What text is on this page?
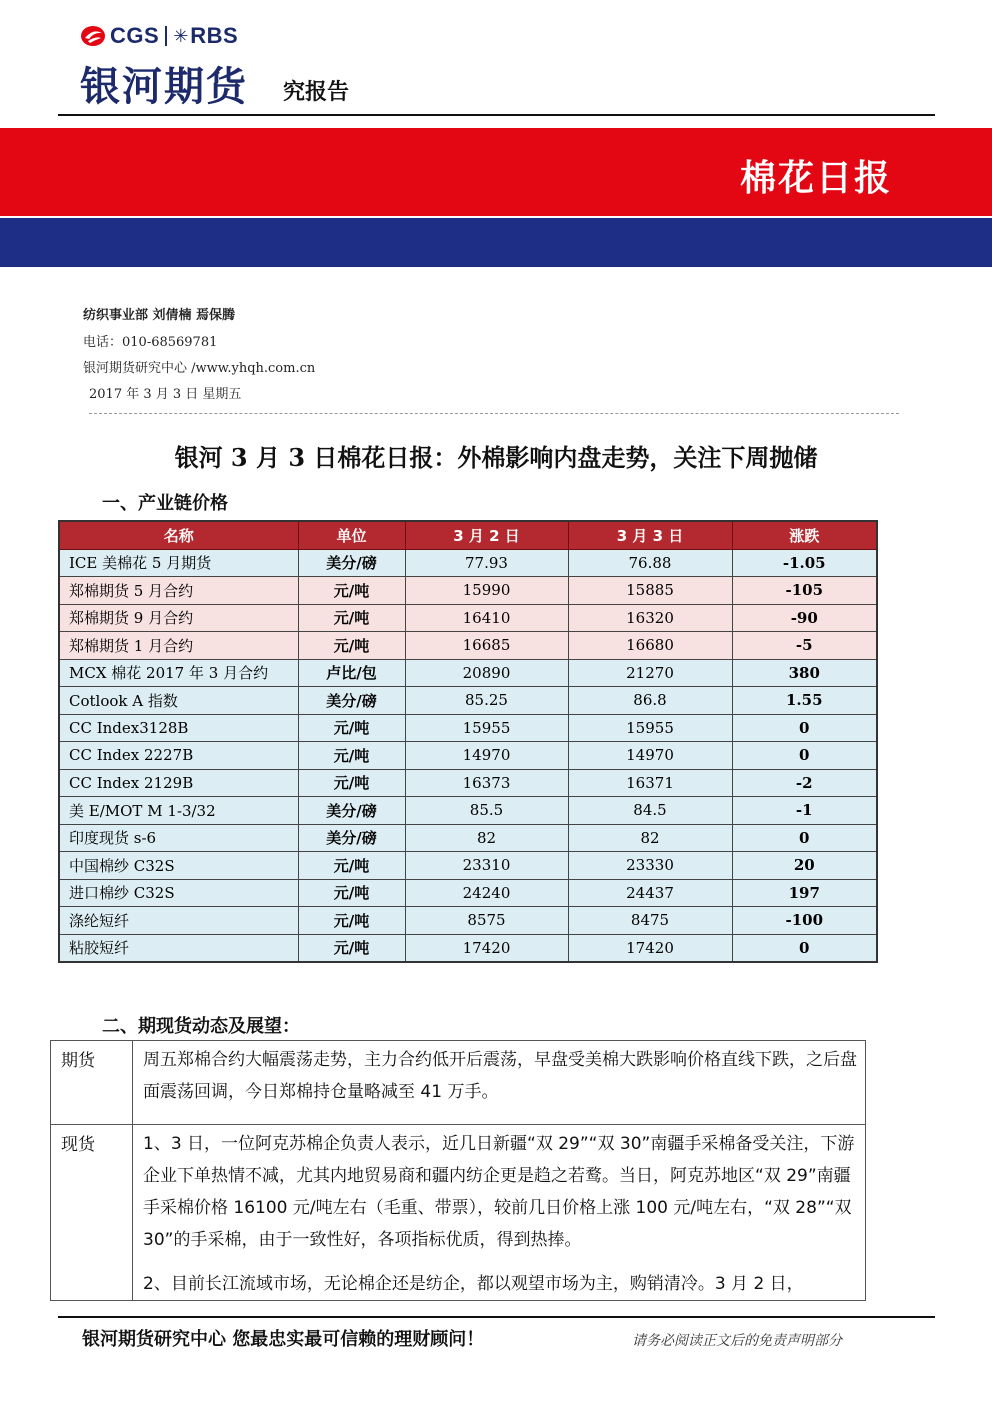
CGS ✳ RBS
银河期货 究报告
棉花日报
纺织事业部 刘倩楠 焉保腾
电话：010-68569781
银河期货研究中心 /www.yhqh.com.cn
2017 年 3 月 3 日 星期五
银河 3 月 3 日棉花日报：外棉影响内盘走势，关注下周抛储
一、产业链价格
名称	单位	3 月 2 日	3 月 3 日	涨跌
ICE 美棉花 5 月期货	美分/磅	77.93	76.88	-1.05
郑棉期货 5 月合约	元/吨	15990	15885	-105
郑棉期货 9 月合约	元/吨	16410	16320	-90
郑棉期货 1 月合约	元/吨	16685	16680	-5
MCX 棉花 2017 年 3 月合约	卢比/包	20890	21270	380
Cotlook A 指数	美分/磅	85.25	86.8	1.55
CC Index3128B	元/吨	15955	15955	0
CC Index 2227B	元/吨	14970	14970	0
CC Index 2129B	元/吨	16373	16371	-2
美 E/MOT M 1-3/32	美分/磅	85.5	84.5	-1
印度现货 s-6	美分/磅	82	82	0
中国棉纱 C32S	元/吨	23310	23330	20
进口棉纱 C32S	元/吨	24240	24437	197
涤纶短纤	元/吨	8575	8475	-100
粘胶短纤	元/吨	17420	17420	0
二、期现货动态及展望：
期货	周五郑棉合约大幅震荡走势，主力合约低开后震荡，早盘受美棉大跌影响价格直线下跌，之后盘面震荡回调，今日郑棉持仓量略减至 41 万手。

现货	1、3 日，一位阿克苏棉企负责人表示，近几日新疆“双 29”“双 30”南疆手采棉备受关注，下游企业下单热情不减，尤其内地贸易商和疆内纺企更是趋之若鹜。当日，阿克苏地区“双 29”南疆手采棉价格 16100 元/吨左右（毛重、带票），较前几日价格上涨 100 元/吨左右，“双 28”“双 30”的手采棉，由于一致性好，各项指标优质，得到热捧。

2、目前长江流域市场，无论棉企还是纺企，都以观望市场为主，购销清冷。3 月 2 日，

银河期货研究中心 您最忠实最可信赖的理财顾问！	请务必阅读正文后的免责声明部分
